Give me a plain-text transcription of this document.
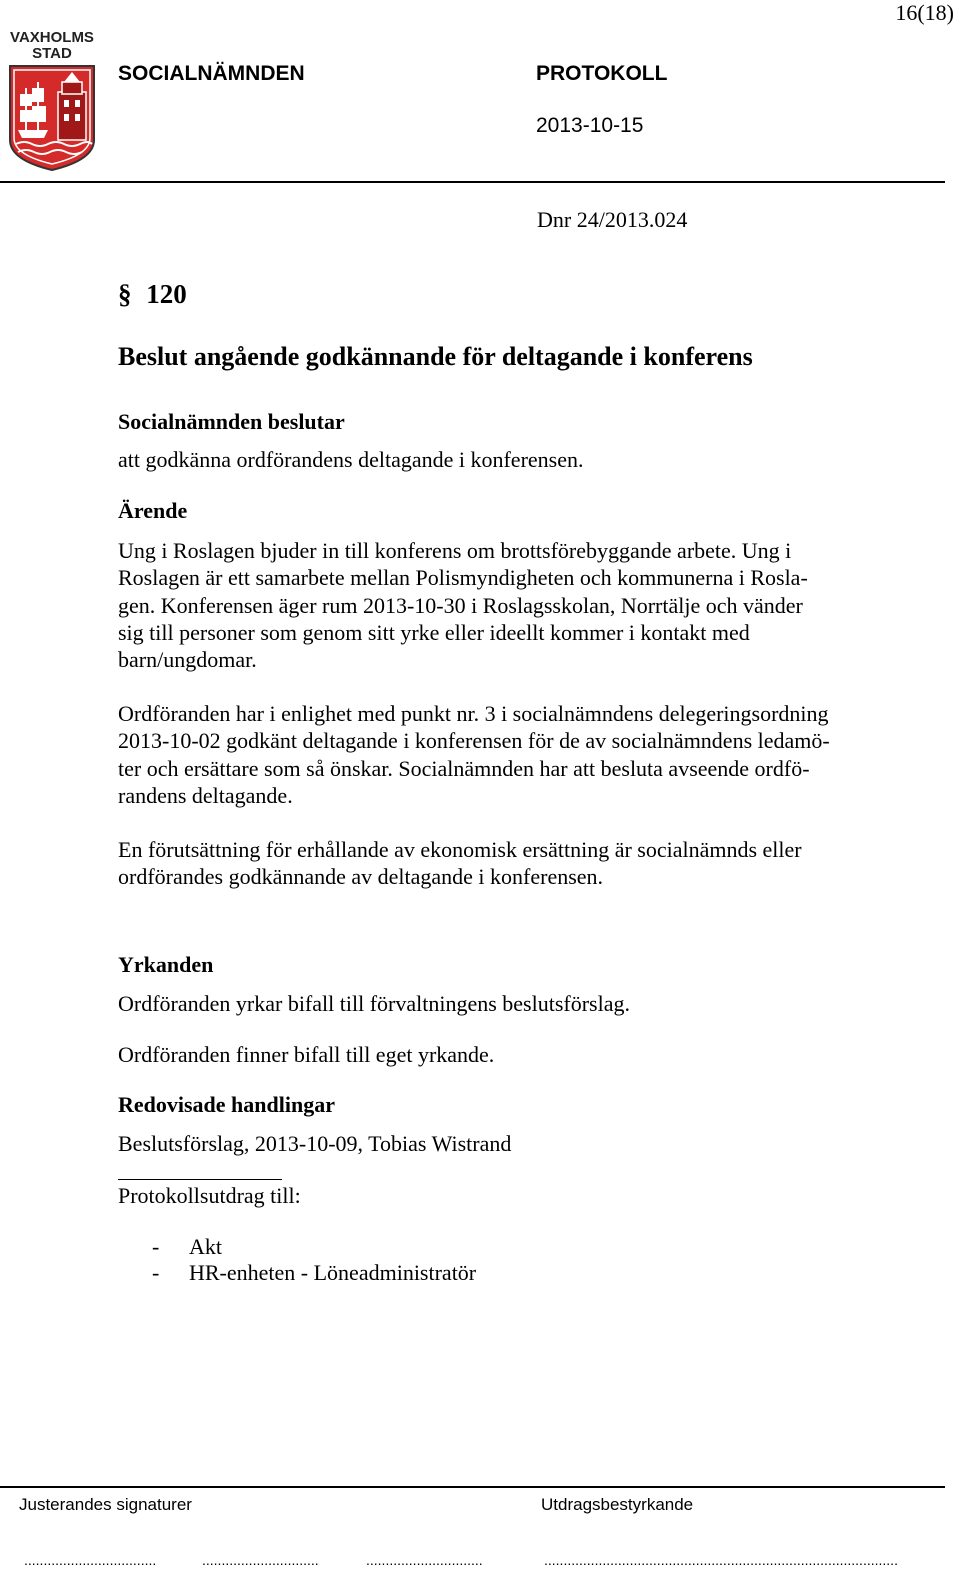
16(18)
VAXHOLMS
STAD
SOCIALNÄMNDEN	PROTOKOLL
2013-10-15
Dnr 24/2013.024
§ 120
Beslut angående godkännande för deltagande i konferens
Socialnämnden beslutar
att godkänna ordförandens deltagande i konferensen.
Ärende
Ung i Roslagen bjuder in till konferens om brottsförebyggande arbete. Ung i
Roslagen är ett samarbete mellan Polismyndigheten och kommunerna i Rosla-
gen. Konferensen äger rum 2013-10-30 i Roslagsskolan, Norrtälje och vänder
sig till personer som genom sitt yrke eller ideellt kommer i kontakt med
barn/ungdomar.
Ordföranden har i enlighet med punkt nr. 3 i socialnämndens delegeringsordning
2013-10-02 godkänt deltagande i konferensen för de av socialnämndens ledamö-
ter och ersättare som så önskar. Socialnämnden har att besluta avseende ordfö-
randens deltagande.
En förutsättning för erhållande av ekonomisk ersättning är socialnämnds eller
ordförandes godkännande av deltagande i konferensen.
Yrkanden
Ordföranden yrkar bifall till förvaltningens beslutsförslag.
Ordföranden finner bifall till eget yrkande.
Redovisade handlingar
Beslutsförslag, 2013-10-09, Tobias Wistrand
Protokollsutdrag till:
- Akt
- HR-enheten - Löneadministratör
Justerandes signaturer	Utdragsbestyrkande
..................................	..............................	..............................	...........................................................................................
